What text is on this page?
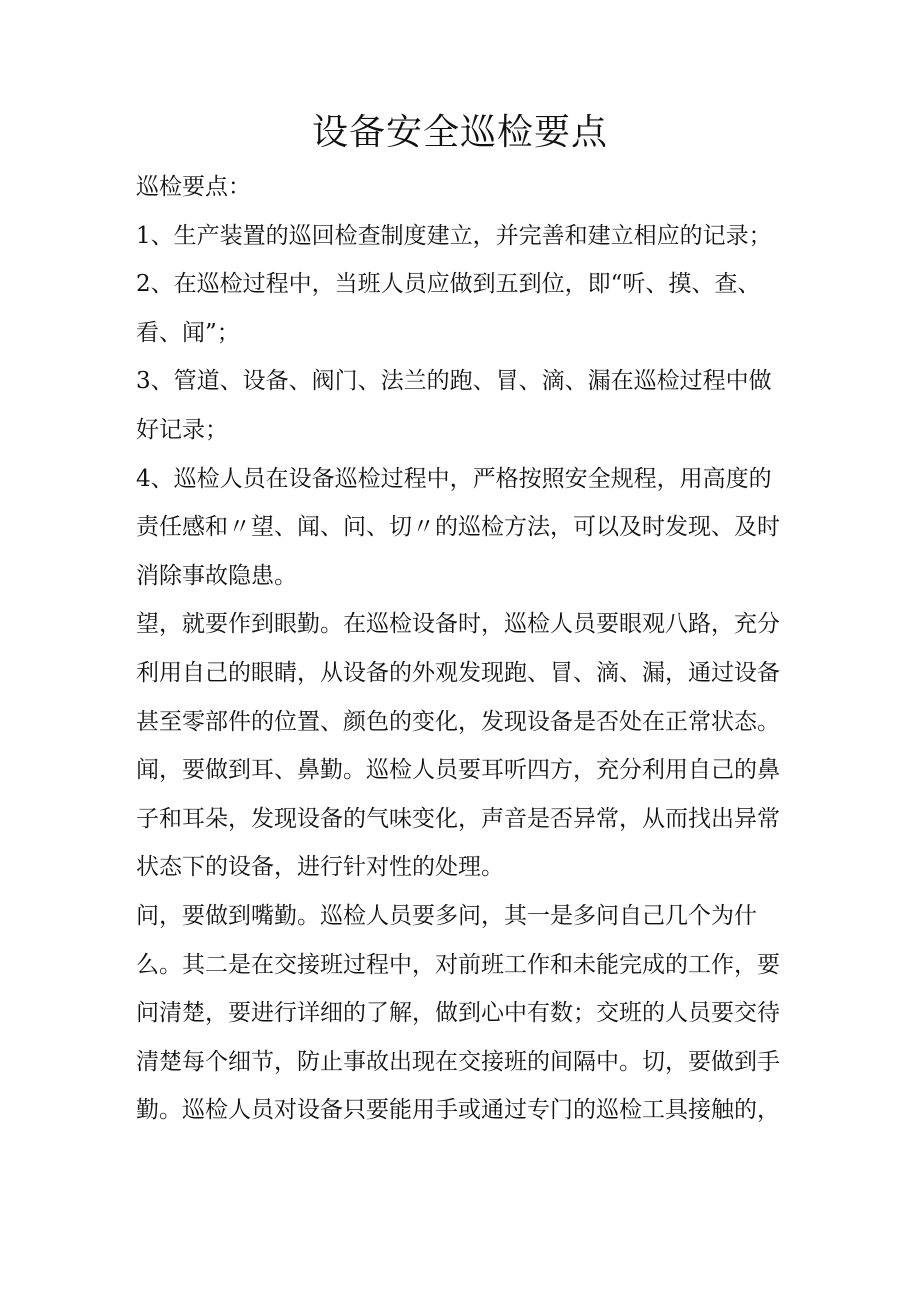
设备安全巡检要点
巡检要点：
1、生产装置的巡回检查制度建立，并完善和建立相应的记录；
2、在巡检过程中，当班人员应做到五到位，即“听、摸、查、
看、闻”；
3、管道、设备、阀门、法兰的跑、冒、滴、漏在巡检过程中做
好记录；
4、巡检人员在设备巡检过程中，严格按照安全规程，用高度的
责任感和〃望、闻、问、切〃的巡检方法，可以及时发现、及时
消除事故隐患。
望，就要作到眼勤。在巡检设备时，巡检人员要眼观八路，充分
利用自己的眼睛，从设备的外观发现跑、冒、滴、漏，通过设备
甚至零部件的位置、颜色的变化，发现设备是否处在正常状态。
闻，要做到耳、鼻勤。巡检人员要耳听四方，充分利用自己的鼻
子和耳朵，发现设备的气味变化，声音是否异常，从而找出异常
状态下的设备，进行针对性的处理。
问，要做到嘴勤。巡检人员要多问，其一是多问自己几个为什
么。其二是在交接班过程中，对前班工作和未能完成的工作，要
问清楚，要进行详细的了解，做到心中有数；交班的人员要交待
清楚每个细节，防止事故出现在交接班的间隔中。切，要做到手
勤。巡检人员对设备只要能用手或通过专门的巡检工具接触的，
